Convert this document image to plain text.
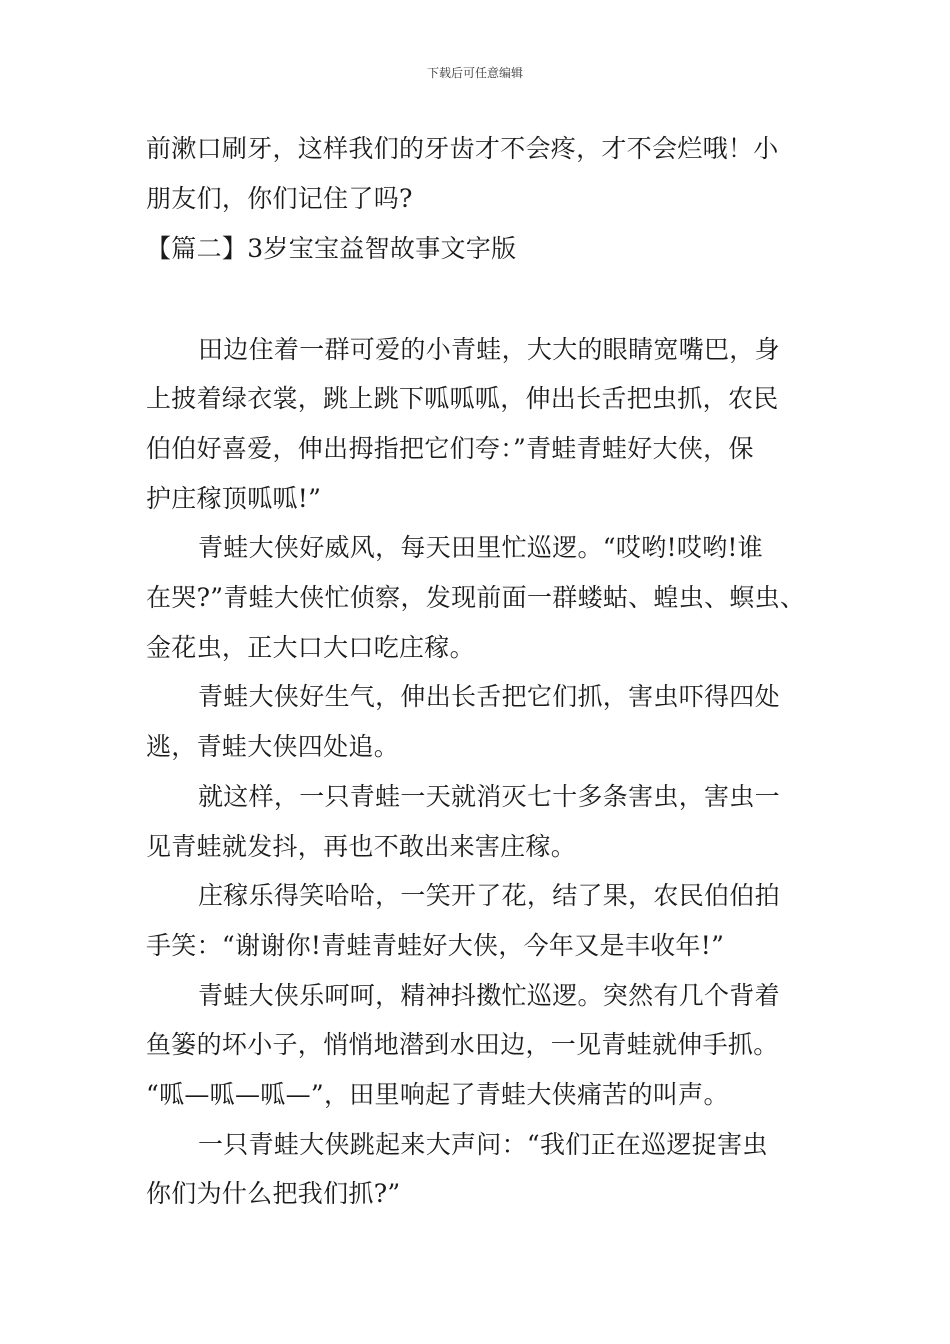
下载后可任意编辑
前漱口刷牙，这样我们的牙齿才不会疼，才不会烂哦！小
朋友们，你们记住了吗?
【篇二】3岁宝宝益智故事文字版
田边住着一群可爱的小青蛙，大大的眼睛宽嘴巴，身
上披着绿衣裳，跳上跳下呱呱呱，伸出长舌把虫抓，农民
伯伯好喜爱，伸出拇指把它们夸：”青蛙青蛙好大侠，保
护庄稼顶呱呱!”
青蛙大侠好威风，每天田里忙巡逻。“哎哟!哎哟!谁
在哭?”青蛙大侠忙侦察，发现前面一群蝼蛄、蝗虫、螟虫、
金花虫，正大口大口吃庄稼。
青蛙大侠好生气，伸出长舌把它们抓，害虫吓得四处
逃，青蛙大侠四处追。
就这样，一只青蛙一天就消灭七十多条害虫，害虫一
见青蛙就发抖，再也不敢出来害庄稼。
庄稼乐得笑哈哈，一笑开了花，结了果，农民伯伯拍
手笑：“谢谢你!青蛙青蛙好大侠，今年又是丰收年!”
青蛙大侠乐呵呵，精神抖擞忙巡逻。突然有几个背着
鱼篓的坏小子，悄悄地潜到水田边，一见青蛙就伸手抓。
“呱—呱—呱—”，田里响起了青蛙大侠痛苦的叫声。
一只青蛙大侠跳起来大声问：“我们正在巡逻捉害虫
你们为什么把我们抓?”
